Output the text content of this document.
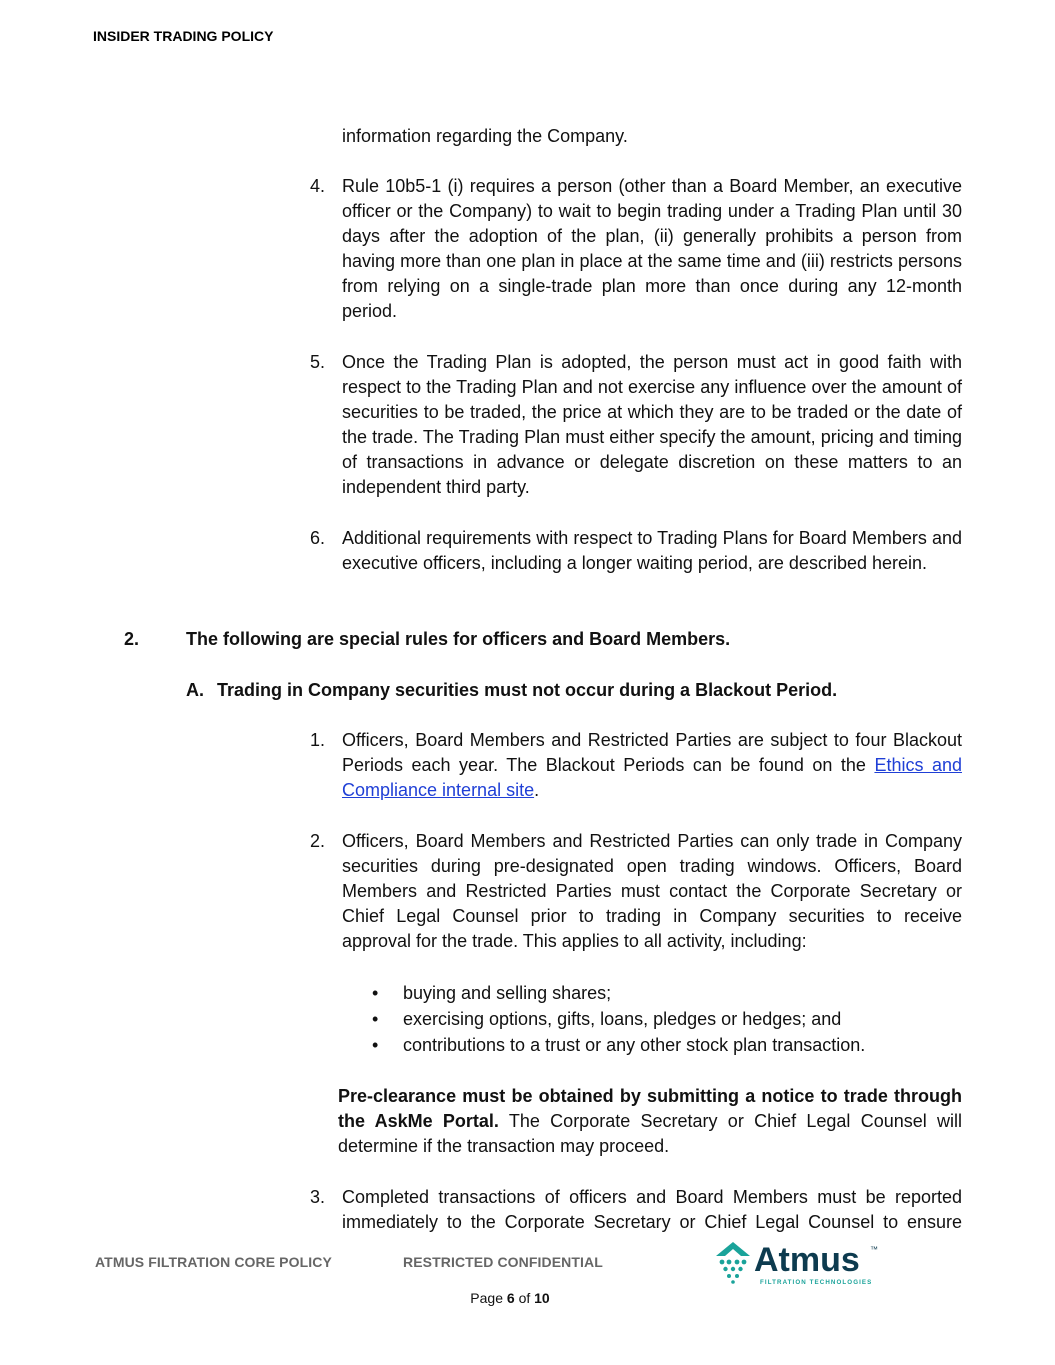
INSIDER TRADING POLICY
information regarding the Company.
4. Rule 10b5-1 (i) requires a person (other than a Board Member, an executive officer or the Company) to wait to begin trading under a Trading Plan until 30 days after the adoption of the plan, (ii) generally prohibits a person from having more than one plan in place at the same time and (iii) restricts persons from relying on a single-trade plan more than once during any 12-month period.
5. Once the Trading Plan is adopted, the person must act in good faith with respect to the Trading Plan and not exercise any influence over the amount of securities to be traded, the price at which they are to be traded or the date of the trade. The Trading Plan must either specify the amount, pricing and timing of transactions in advance or delegate discretion on these matters to an independent third party.
6. Additional requirements with respect to Trading Plans for Board Members and executive officers, including a longer waiting period, are described herein.
2.	The following are special rules for officers and Board Members.
A. Trading in Company securities must not occur during a Blackout Period.
1. Officers, Board Members and Restricted Parties are subject to four Blackout Periods each year. The Blackout Periods can be found on the Ethics and Compliance internal site.
2. Officers, Board Members and Restricted Parties can only trade in Company securities during pre-designated open trading windows. Officers, Board Members and Restricted Parties must contact the Corporate Secretary or Chief Legal Counsel prior to trading in Company securities to receive approval for the trade. This applies to all activity, including:
• buying and selling shares;
• exercising options, gifts, loans, pledges or hedges; and
• contributions to a trust or any other stock plan transaction.
Pre-clearance must be obtained by submitting a notice to trade through the AskMe Portal. The Corporate Secretary or Chief Legal Counsel will determine if the transaction may proceed.
3. Completed transactions of officers and Board Members must be reported immediately to the Corporate Secretary or Chief Legal Counsel to ensure
ATMUS FILTRATION CORE POLICY	RESTRICTED CONFIDENTIAL	Atmus ™
FILTRATION TECHNOLOGIES
Page 6 of 10
